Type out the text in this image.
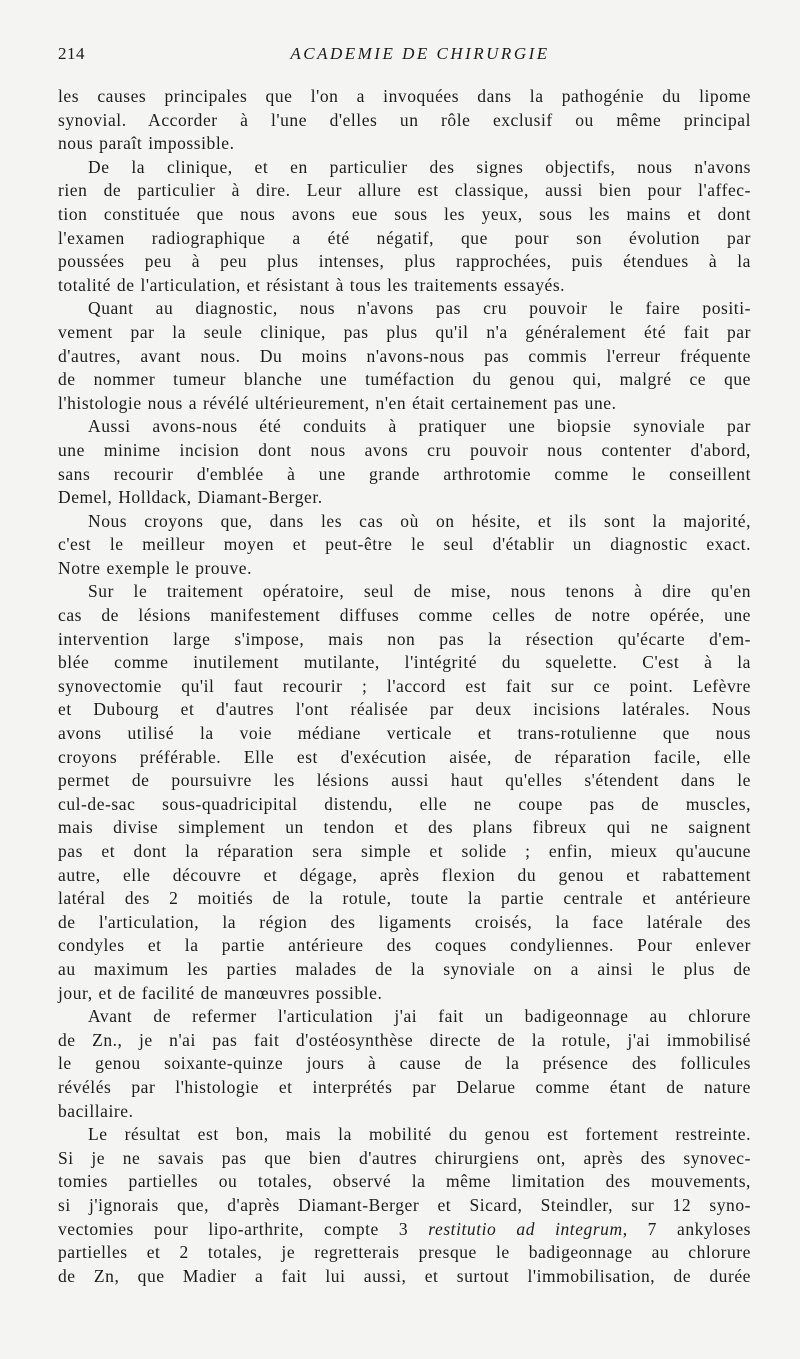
214	ACADEMIE DE CHIRURGIE
les causes principales que l'on a invoquées dans la pathogénie du lipome
synovial. Accorder à l'une d'elles un rôle exclusif ou même principal
nous paraît impossible.
De la clinique, et en particulier des signes objectifs, nous n'avons
rien de particulier à dire. Leur allure est classique, aussi bien pour l'affec-
tion constituée que nous avons eue sous les yeux, sous les mains et dont
l'examen radiographique a été négatif, que pour son évolution par
poussées peu à peu plus intenses, plus rapprochées, puis étendues à la
totalité de l'articulation, et résistant à tous les traitements essayés.
Quant au diagnostic, nous n'avons pas cru pouvoir le faire positi-
vement par la seule clinique, pas plus qu'il n'a généralement été fait par
d'autres, avant nous. Du moins n'avons-nous pas commis l'erreur fréquente
de nommer tumeur blanche une tuméfaction du genou qui, malgré ce que
l'histologie nous a révélé ultérieurement, n'en était certainement pas une.
Aussi avons-nous été conduits à pratiquer une biopsie synoviale par
une minime incision dont nous avons cru pouvoir nous contenter d'abord,
sans recourir d'emblée à une grande arthrotomie comme le conseillent
Demel, Holldack, Diamant-Berger.
Nous croyons que, dans les cas où on hésite, et ils sont la majorité,
c'est le meilleur moyen et peut-être le seul d'établir un diagnostic exact.
Notre exemple le prouve.
Sur le traitement opératoire, seul de mise, nous tenons à dire qu'en
cas de lésions manifestement diffuses comme celles de notre opérée, une
intervention large s'impose, mais non pas la résection qu'écarte d'em-
blée comme inutilement mutilante, l'intégrité du squelette. C'est à la
synovectomie qu'il faut recourir ; l'accord est fait sur ce point. Lefèvre
et Dubourg et d'autres l'ont réalisée par deux incisions latérales. Nous
avons utilisé la voie médiane verticale et trans-rotulienne que nous
croyons préférable. Elle est d'exécution aisée, de réparation facile, elle
permet de poursuivre les lésions aussi haut qu'elles s'étendent dans le
cul-de-sac sous-quadricipital distendu, elle ne coupe pas de muscles,
mais divise simplement un tendon et des plans fibreux qui ne saignent
pas et dont la réparation sera simple et solide ; enfin, mieux qu'aucune
autre, elle découvre et dégage, après flexion du genou et rabattement
latéral des 2 moitiés de la rotule, toute la partie centrale et antérieure
de l'articulation, la région des ligaments croisés, la face latérale des
condyles et la partie antérieure des coques condyliennes. Pour enlever
au maximum les parties malades de la synoviale on a ainsi le plus de
jour, et de facilité de manœuvres possible.
Avant de refermer l'articulation j'ai fait un badigeonnage au chlorure
de Zn., je n'ai pas fait d'ostéosynthèse directe de la rotule, j'ai immobilisé
le genou soixante-quinze jours à cause de la présence des follicules
révélés par l'histologie et interprétés par Delarue comme étant de nature
bacillaire.
Le résultat est bon, mais la mobilité du genou est fortement restreinte.
Si je ne savais pas que bien d'autres chirurgiens ont, après des synovec-
tomies partielles ou totales, observé la même limitation des mouvements,
si j'ignorais que, d'après Diamant-Berger et Sicard, Steindler, sur 12 syno-
vectomies pour lipo-arthrite, compte 3 restitutio ad integrum, 7 ankyloses
partielles et 2 totales, je regretterais presque le badigeonnage au chlorure
de Zn, que Madier a fait lui aussi, et surtout l'immobilisation, de durée
